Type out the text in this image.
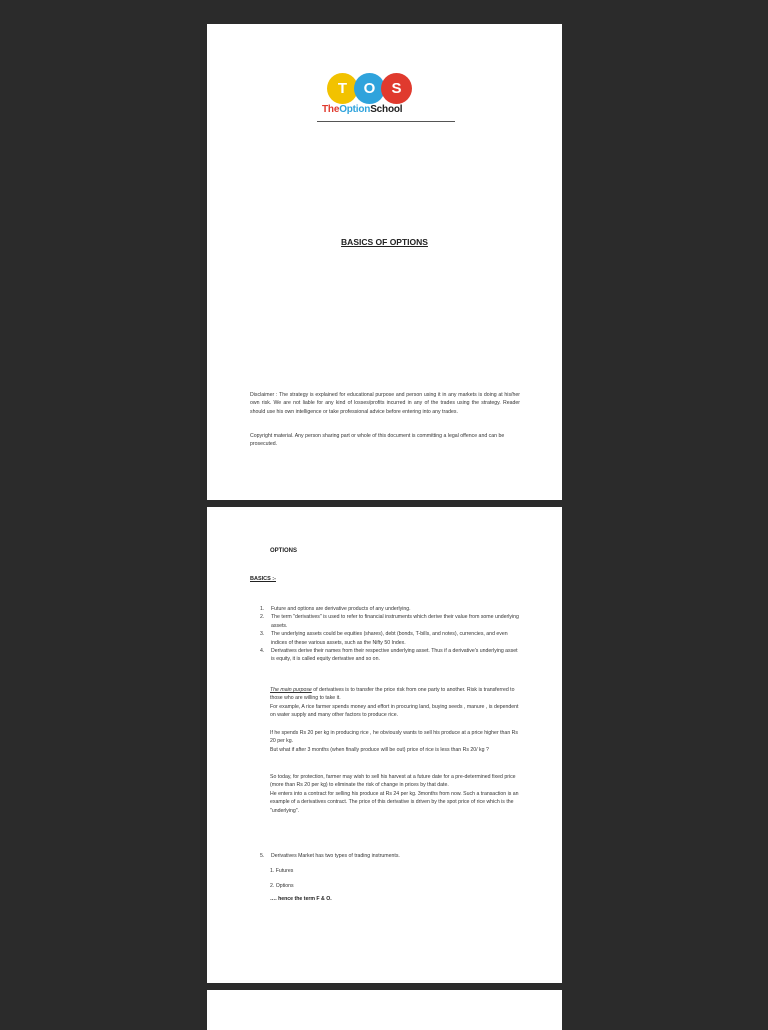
T	O	S
TheOptionSchool
BASICS OF OPTIONS
Disclaimer : The strategy is explained for educational purpose and person using it in any markets is doing at his/her own risk. We are not liable for any kind of losses/profits incurred in any of the trades using the strategy. Reader should use his own intelligence or take professional advice before entering into any trades.
Copyright material. Any person sharing part or whole of this document is committing a legal offence and can be prosecuted.
OPTIONS
BASICS :-
1. Future and options are derivative products of any underlying.
2. The term "derivatives" is used to refer to financial instruments which derive their value from some underlying assets.
3. The underlying assets could be equities (shares), debt (bonds, T-bills, and notes), currencies, and even indices of these various assets, such as the Nifty 50 Index.
4. Derivatives derive their names from their respective underlying asset. Thus if a derivative's underlying asset is equity, it is called equity derivative and so on.
The main purpose of derivatives is to transfer the price risk from one party to another. Risk is transferred to those who are willing to take it.
For example, A rice farmer spends money and effort in procuring land, buying seeds , manure , is dependent on water supply and many other factors to produce rice.
If he spends Rs 20 per kg in producing rice , he obviously wants to sell his produce at a price higher than Rs 20 per kg.
But what if after 3 months (when finally produce will be out) price of rice is less than Rs 20/ kg ?
So today, for protection, farmer may wish to sell his harvest at a future date for a pre-determined fixed price (more than Rs 20 per kg) to eliminate the risk of change in prices by that date.
He enters into a contract for selling his produce at Rs 24 per kg. 3months from now. Such a transaction is an example of a derivatives contract. The price of this derivative is driven by the spot price of rice which is the "underlying".
5. Derivatives Market has two types of trading instruments.
1. Futures
2. Options
…. hence the term F & O.
